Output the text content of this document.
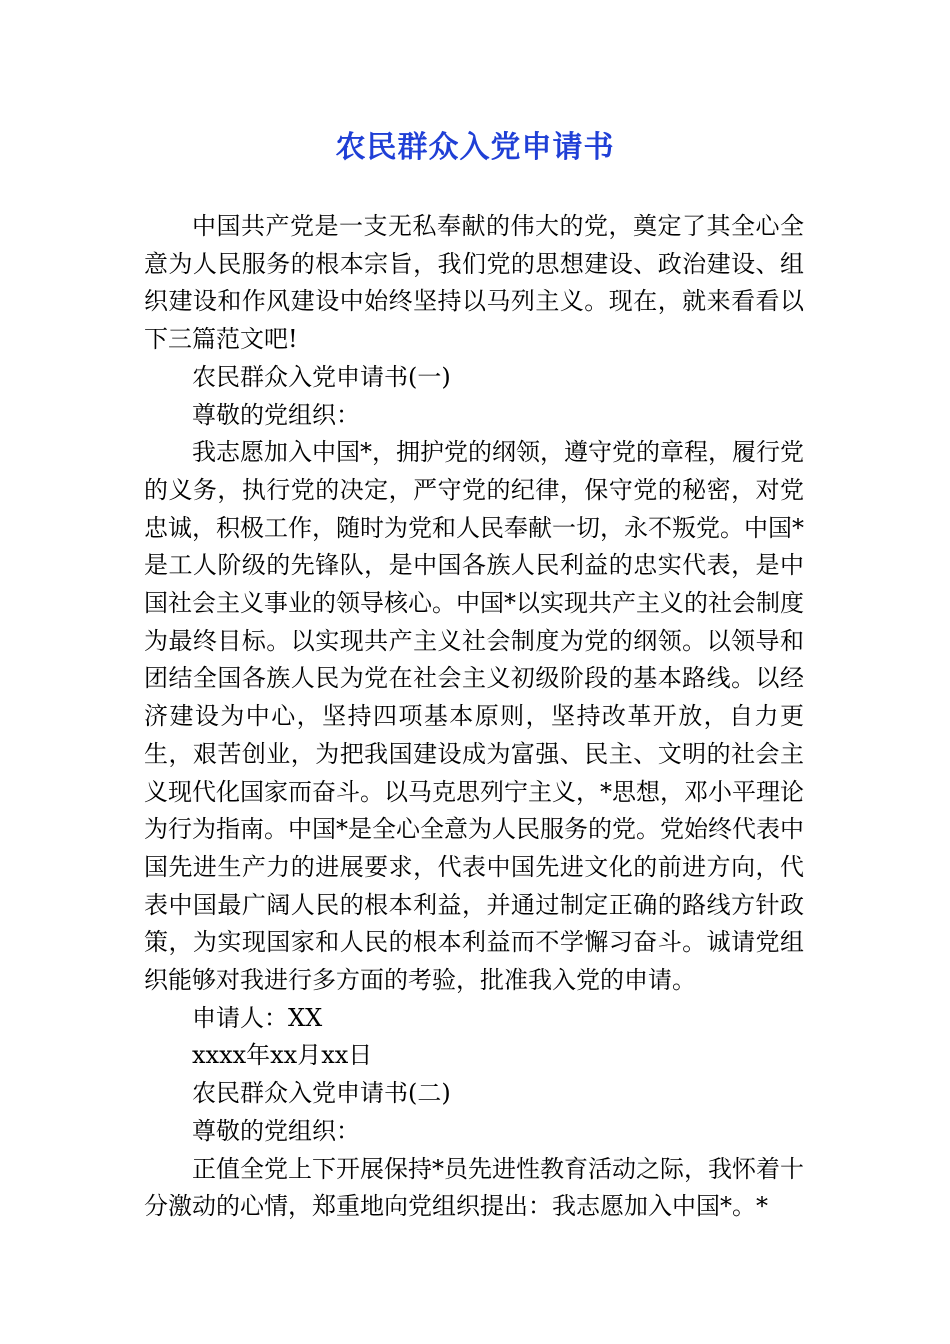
农民群众入党申请书

中国共产党是一支无私奉献的伟大的党，奠定了其全心全意为人民服务的根本宗旨，我们党的思想建设、政治建设、组织建设和作风建设中始终坚持以马列主义。现在，就来看看以下三篇范文吧!

农民群众入党申请书(一)

尊敬的党组织：

我志愿加入中国*，拥护党的纲领，遵守党的章程，履行党的义务，执行党的决定，严守党的纪律，保守党的秘密，对党忠诚，积极工作，随时为党和人民奉献一切，永不叛党。中国*是工人阶级的先锋队，是中国各族人民利益的忠实代表，是中国社会主义事业的领导核心。中国*以实现共产主义的社会制度为最终目标。以实现共产主义社会制度为党的纲领。以领导和团结全国各族人民为党在社会主义初级阶段的基本路线。以经济建设为中心，坚持四项基本原则，坚持改革开放，自力更生，艰苦创业，为把我国建设成为富强、民主、文明的社会主义现代化国家而奋斗。以马克思列宁主义，*思想，邓小平理论为行为指南。中国*是全心全意为人民服务的党。党始终代表中国先进生产力的进展要求，代表中国先进文化的前进方向，代表中国最广阔人民的根本利益，并通过制定正确的路线方针政策，为实现国家和人民的根本利益而不学懈习奋斗。诚请党组织能够对我进行多方面的考验，批准我入党的申请。

申请人：XX

xxxx年xx月xx日

农民群众入党申请书(二)

尊敬的党组织：

正值全党上下开展保持*员先进性教育活动之际，我怀着十分激动的心情，郑重地向党组织提出：我志愿加入中国*。*
